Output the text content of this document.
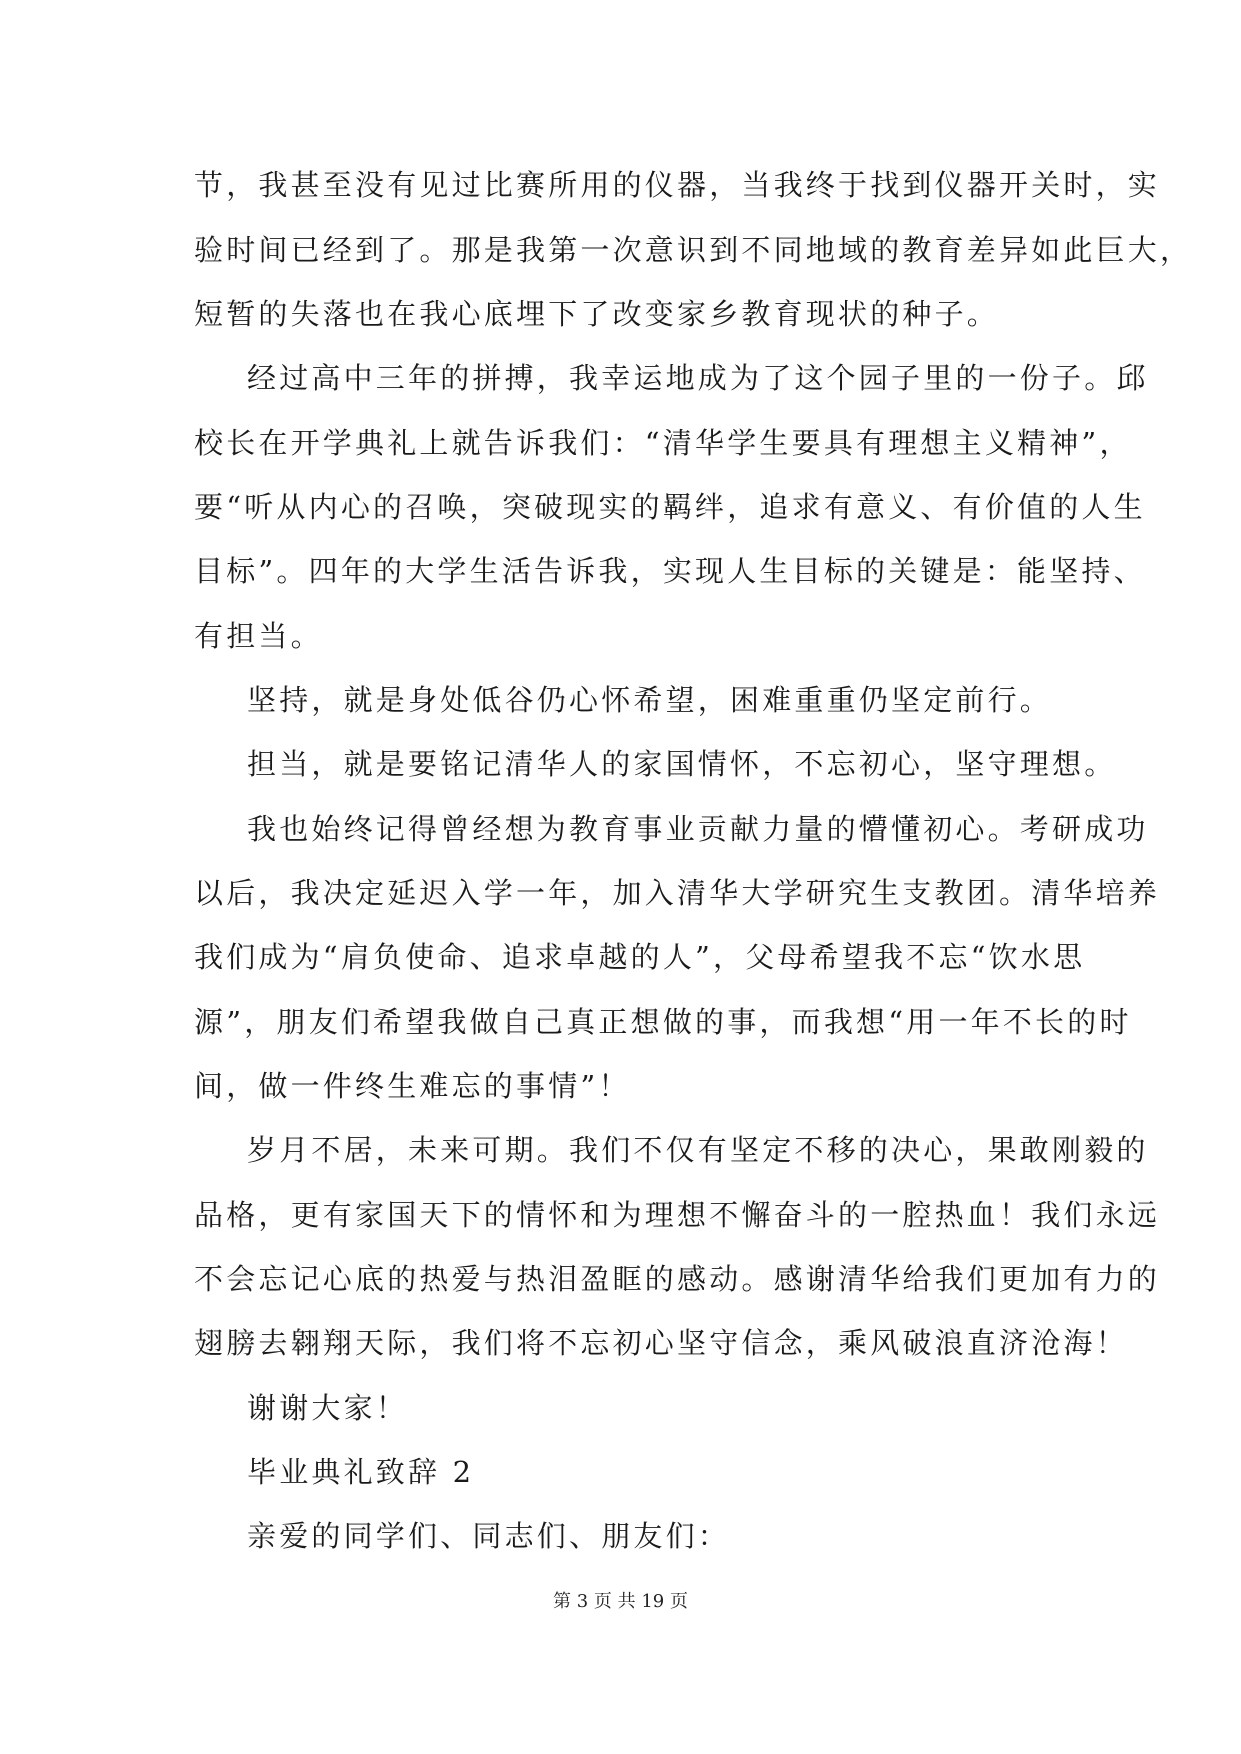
节，我甚至没有见过比赛所用的仪器，当我终于找到仪器开关时，实
验时间已经到了。那是我第一次意识到不同地域的教育差异如此巨大，
短暂的失落也在我心底埋下了改变家乡教育现状的种子。
经过高中三年的拼搏，我幸运地成为了这个园子里的一份子。邱
校长在开学典礼上就告诉我们：“清华学生要具有理想主义精神”，
要“听从内心的召唤，突破现实的羁绊，追求有意义、有价值的人生
目标”。四年的大学生活告诉我，实现人生目标的关键是：能坚持、
有担当。
坚持，就是身处低谷仍心怀希望，困难重重仍坚定前行。
担当，就是要铭记清华人的家国情怀，不忘初心，坚守理想。
我也始终记得曾经想为教育事业贡献力量的懵懂初心。考研成功
以后，我决定延迟入学一年，加入清华大学研究生支教团。清华培养
我们成为“肩负使命、追求卓越的人”，父母希望我不忘“饮水思
源”，朋友们希望我做自己真正想做的事，而我想“用一年不长的时
间，做一件终生难忘的事情”！
岁月不居，未来可期。我们不仅有坚定不移的决心，果敢刚毅的
品格，更有家国天下的情怀和为理想不懈奋斗的一腔热血！我们永远
不会忘记心底的热爱与热泪盈眶的感动。感谢清华给我们更加有力的
翅膀去翱翔天际，我们将不忘初心坚守信念，乘风破浪直济沧海！
谢谢大家！
毕业典礼致辞 2
亲爱的同学们、同志们、朋友们：
第 3 页 共 19 页
